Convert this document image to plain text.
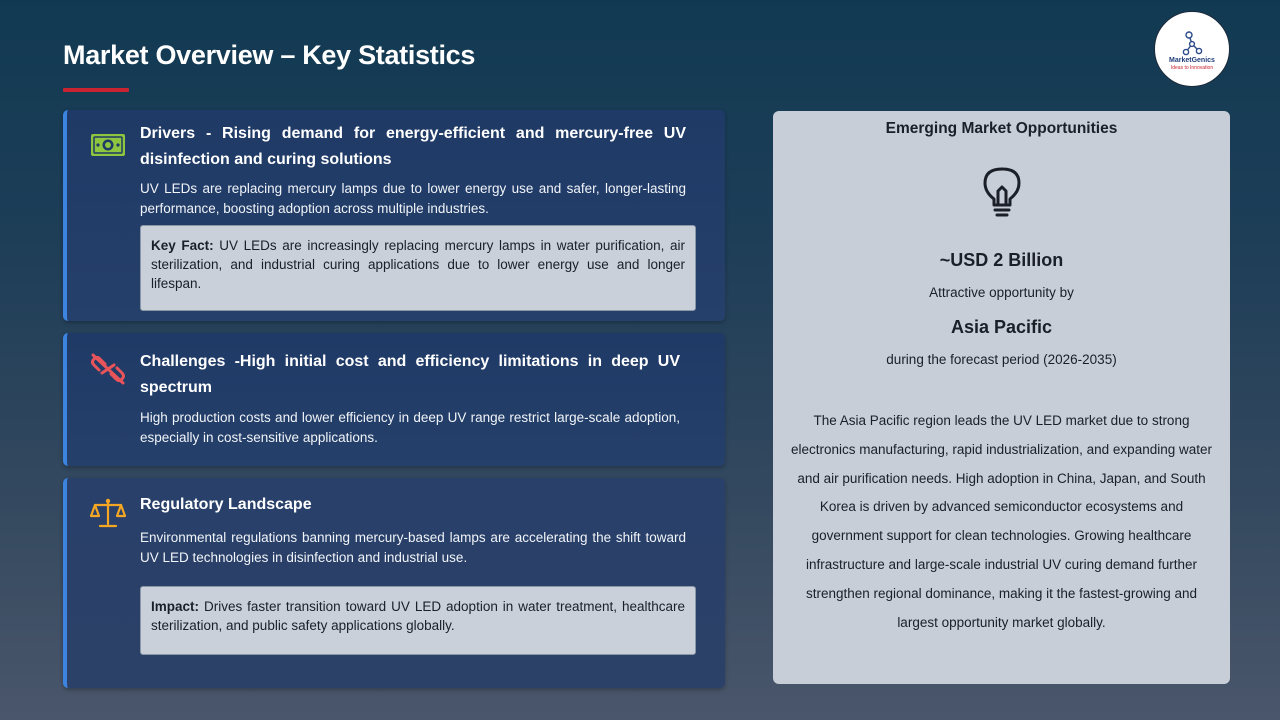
Market Overview – Key Statistics	MarketGenics
Ideas to Innovation

Drivers - Rising demand for energy-efficient and mercury-free UV disinfection and curing solutions

UV LEDs are replacing mercury lamps due to lower energy use and safer, longer-lasting performance, boosting adoption across multiple industries.

Key Fact: UV LEDs are increasingly replacing mercury lamps in water purification, air sterilization, and industrial curing applications due to lower energy use and longer lifespan.

Challenges -High initial cost and efficiency limitations in deep UV spectrum

High production costs and lower efficiency in deep UV range restrict large-scale adoption, especially in cost-sensitive applications.

Regulatory Landscape

Environmental regulations banning mercury-based lamps are accelerating the shift toward UV LED technologies in disinfection and industrial use.

Impact: Drives faster transition toward UV LED adoption in water treatment, healthcare sterilization, and public safety applications globally.

Emerging Market Opportunities

~USD 2 Billion
Attractive opportunity by
Asia Pacific
during the forecast period (2026-2035)

The Asia Pacific region leads the UV LED market due to strong electronics manufacturing, rapid industrialization, and expanding water and air purification needs. High adoption in China, Japan, and South Korea is driven by advanced semiconductor ecosystems and government support for clean technologies. Growing healthcare infrastructure and large-scale industrial UV curing demand further strengthen regional dominance, making it the fastest-growing and largest opportunity market globally.
